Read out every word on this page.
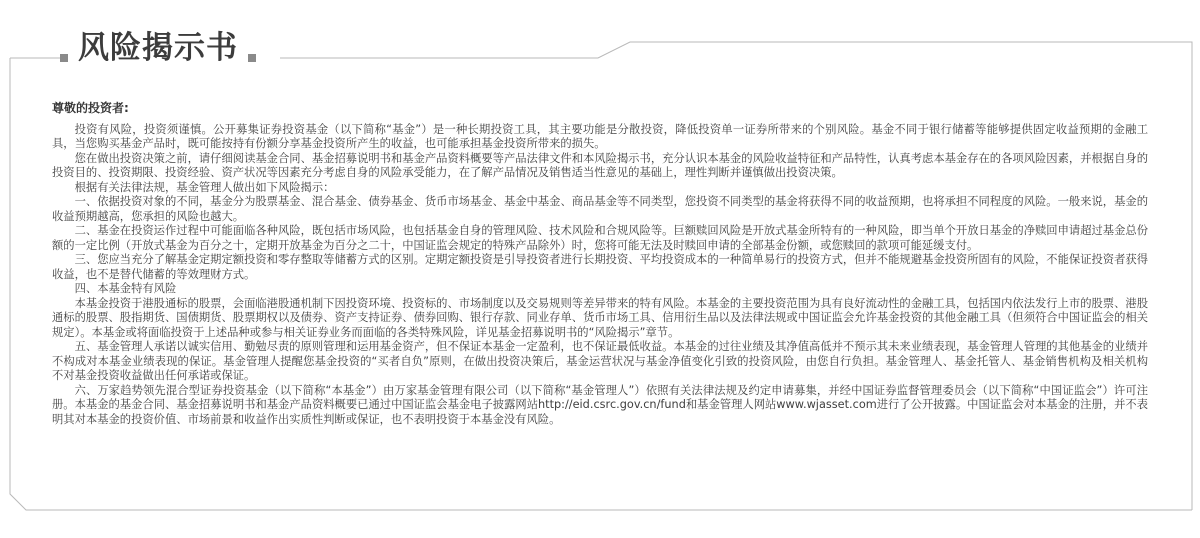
风险揭示书
尊敬的投资者:

投资有风险，投资须谨慎。公开募集证券投资基金（以下简称“基金”）是一种长期投资工具，其主要功能是分散投资，降低投资单一证券所带来的个别风险。基金不同于银行储蓄等能够提供固定收益预期的金融工具，当您购买基金产品时，既可能按持有份额分享基金投资所产生的收益，也可能承担基金投资所带来的损失。

您在做出投资决策之前，请仔细阅读基金合同、基金招募说明书和基金产品资料概要等产品法律文件和本风险揭示书，充分认识本基金的风险收益特征和产品特性，认真考虑本基金存在的各项风险因素，并根据自身的投资目的、投资期限、投资经验、资产状况等因素充分考虑自身的风险承受能力，在了解产品情况及销售适当性意见的基础上，理性判断并谨慎做出投资决策。

根据有关法律法规，基金管理人做出如下风险揭示：

一、依据投资对象的不同，基金分为股票基金、混合基金、债券基金、货币市场基金、基金中基金、商品基金等不同类型，您投资不同类型的基金将获得不同的收益预期，也将承担不同程度的风险。一般来说，基金的收益预期越高，您承担的风险也越大。

二、基金在投资运作过程中可能面临各种风险，既包括市场风险，也包括基金自身的管理风险、技术风险和合规风险等。巨额赎回风险是开放式基金所特有的一种风险，即当单个开放日基金的净赎回申请超过基金总份额的一定比例（开放式基金为百分之十，定期开放基金为百分之二十，中国证监会规定的特殊产品除外）时，您将可能无法及时赎回申请的全部基金份额，或您赎回的款项可能延缓支付。

三、您应当充分了解基金定期定额投资和零存整取等储蓄方式的区别。定期定额投资是引导投资者进行长期投资、平均投资成本的一种简单易行的投资方式，但并不能规避基金投资所固有的风险，不能保证投资者获得收益，也不是替代储蓄的等效理财方式。

四、本基金特有风险

本基金投资于港股通标的股票，会面临港股通机制下因投资环境、投资标的、市场制度以及交易规则等差异带来的特有风险。本基金的主要投资范围为具有良好流动性的金融工具，包括国内依法发行上市的股票、港股通标的股票、股指期货、国债期货、股票期权以及债券、资产支持证券、债券回购、银行存款、同业存单、货币市场工具、信用衍生品以及法律法规或中国证监会允许基金投资的其他金融工具（但须符合中国证监会的相关规定）。本基金或将面临投资于上述品种或参与相关证券业务而面临的各类特殊风险，详见基金招募说明书的“风险揭示”章节。

五、基金管理人承诺以诚实信用、勤勉尽责的原则管理和运用基金资产，但不保证本基金一定盈利，也不保证最低收益。本基金的过往业绩及其净值高低并不预示其未来业绩表现，基金管理人管理的其他基金的业绩并不构成对本基金业绩表现的保证。基金管理人提醒您基金投资的“买者自负”原则，在做出投资决策后，基金运营状况与基金净值变化引致的投资风险，由您自行负担。基金管理人、基金托管人、基金销售机构及相关机构不对基金投资收益做出任何承诺或保证。

六、万家趋势领先混合型证券投资基金（以下简称“本基金”）由万家基金管理有限公司（以下简称“基金管理人”）依照有关法律法规及约定申请募集，并经中国证券监督管理委员会（以下简称“中国证监会”）许可注册。本基金的基金合同、基金招募说明书和基金产品资料概要已通过中国证监会基金电子披露网站http://eid.csrc.gov.cn/fund和基金管理人网站www.wjasset.com进行了公开披露。中国证监会对本基金的注册，并不表明其对本基金的投资价值、市场前景和收益作出实质性判断或保证，也不表明投资于本基金没有风险。
